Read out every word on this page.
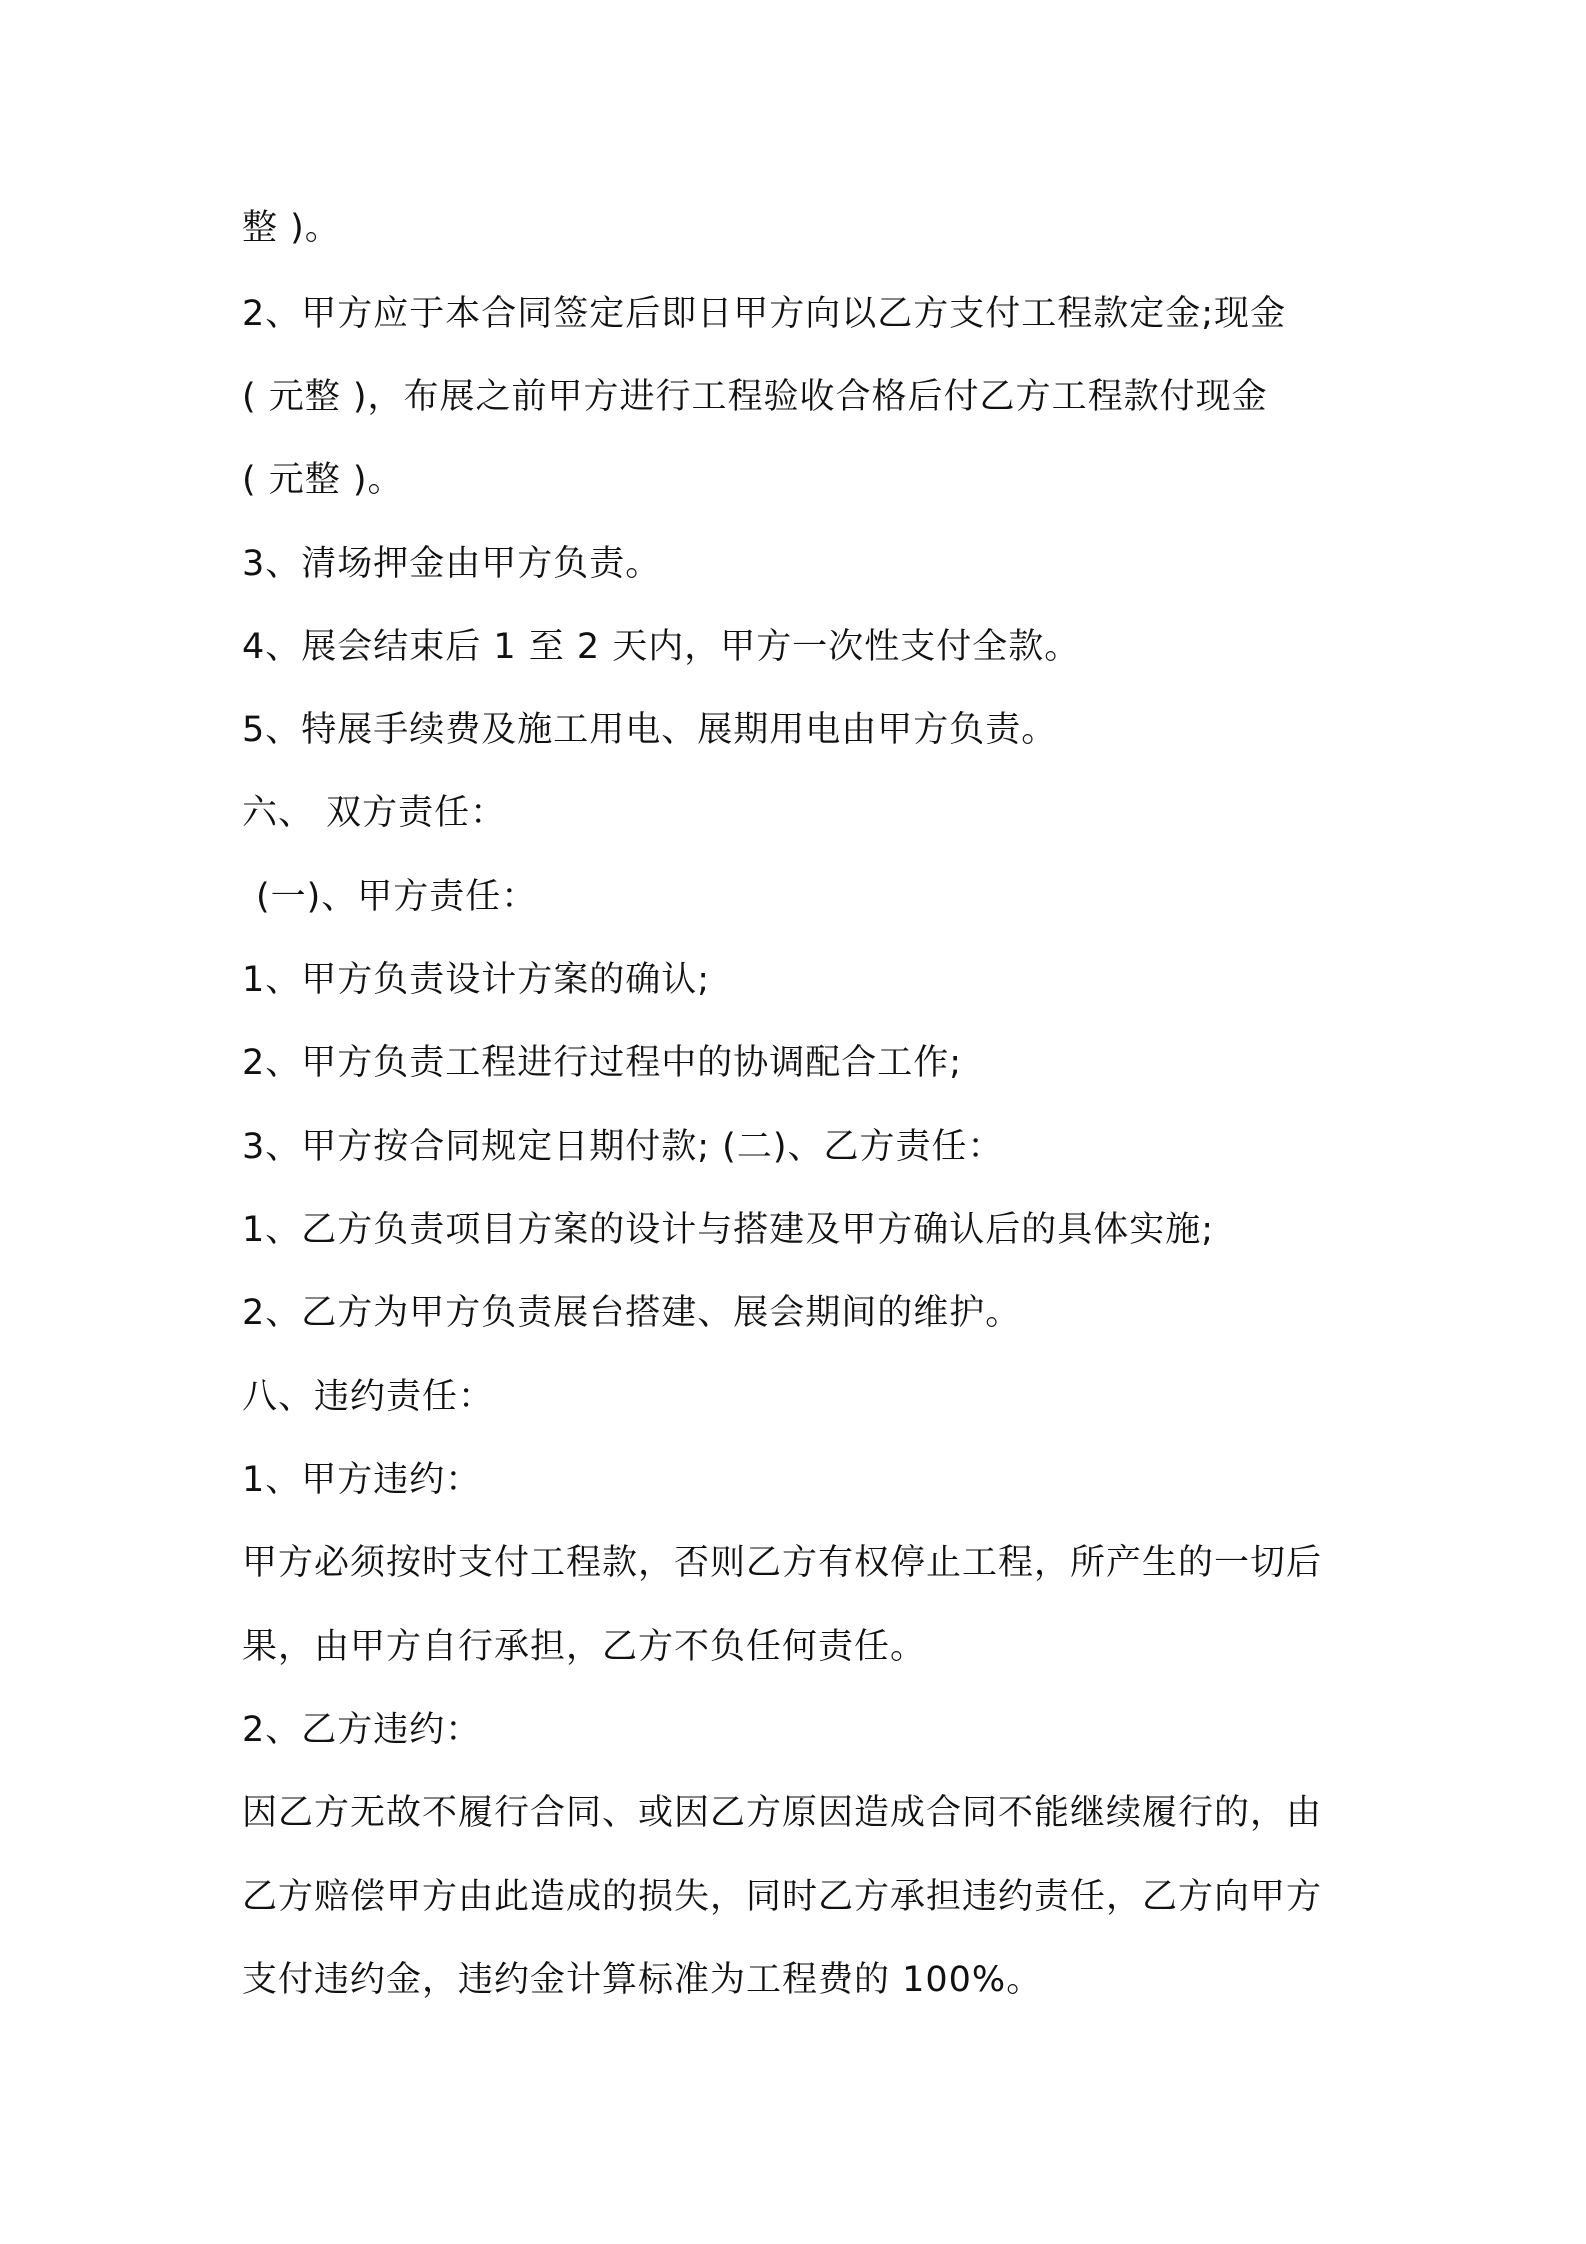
整 )。
2、甲方应于本合同签定后即日甲方向以乙方支付工程款定金;现金
( 元整 )，布展之前甲方进行工程验收合格后付乙方工程款付现金
( 元整 )。
3、清场押金由甲方负责。
4、展会结束后 1 至 2 天内，甲方一次性支付全款。
5、特展手续费及施工用电、展期用电由甲方负责。
六、 双方责任：
(一)、甲方责任：
1、甲方负责设计方案的确认;
2、甲方负责工程进行过程中的协调配合工作;
3、甲方按合同规定日期付款; (二)、乙方责任：
1、乙方负责项目方案的设计与搭建及甲方确认后的具体实施;
2、乙方为甲方负责展台搭建、展会期间的维护。
八、违约责任：
1、甲方违约：
甲方必须按时支付工程款，否则乙方有权停止工程，所产生的一切后
果，由甲方自行承担，乙方不负任何责任。
2、乙方违约：
因乙方无故不履行合同、或因乙方原因造成合同不能继续履行的，由
乙方赔偿甲方由此造成的损失，同时乙方承担违约责任，乙方向甲方
支付违约金，违约金计算标准为工程费的 100%。
